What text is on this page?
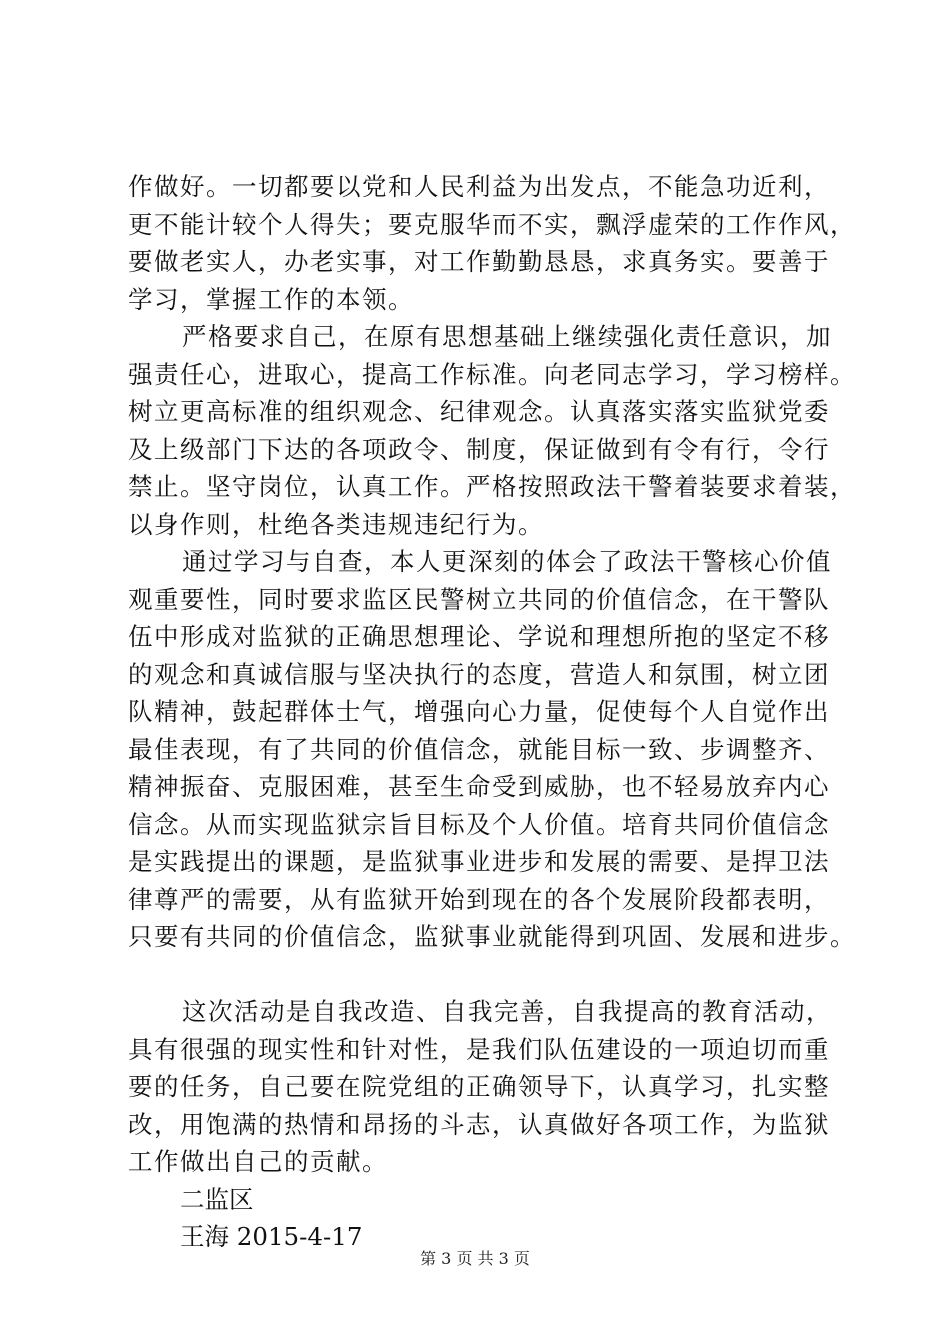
作做好。一切都要以党和人民利益为出发点，不能急功近利，
更不能计较个人得失；要克服华而不实，飘浮虚荣的工作作风，
要做老实人，办老实事，对工作勤勤恳恳，求真务实。要善于
学习，掌握工作的本领。
严格要求自己，在原有思想基础上继续强化责任意识，加
强责任心，进取心，提高工作标准。向老同志学习，学习榜样。
树立更高标准的组织观念、纪律观念。认真落实落实监狱党委
及上级部门下达的各项政令、制度，保证做到有令有行，令行
禁止。坚守岗位，认真工作。严格按照政法干警着装要求着装，
以身作则，杜绝各类违规违纪行为。
通过学习与自查，本人更深刻的体会了政法干警核心价值
观重要性，同时要求监区民警树立共同的价值信念，在干警队
伍中形成对监狱的正确思想理论、学说和理想所抱的坚定不移
的观念和真诚信服与坚决执行的态度，营造人和氛围，树立团
队精神，鼓起群体士气，增强向心力量，促使每个人自觉作出
最佳表现，有了共同的价值信念，就能目标一致、步调整齐、
精神振奋、克服困难，甚至生命受到威胁，也不轻易放弃内心
信念。从而实现监狱宗旨目标及个人价值。培育共同价值信念
是实践提出的课题，是监狱事业进步和发展的需要、是捍卫法
律尊严的需要，从有监狱开始到现在的各个发展阶段都表明，
只要有共同的价值信念，监狱事业就能得到巩固、发展和进步。
这次活动是自我改造、自我完善，自我提高的教育活动，
具有很强的现实性和针对性，是我们队伍建设的一项迫切而重
要的任务，自己要在院党组的正确领导下，认真学习，扎实整
改，用饱满的热情和昂扬的斗志，认真做好各项工作，为监狱
工作做出自己的贡献。
二监区
王海 2015-4-17
第 3 页 共 3 页
